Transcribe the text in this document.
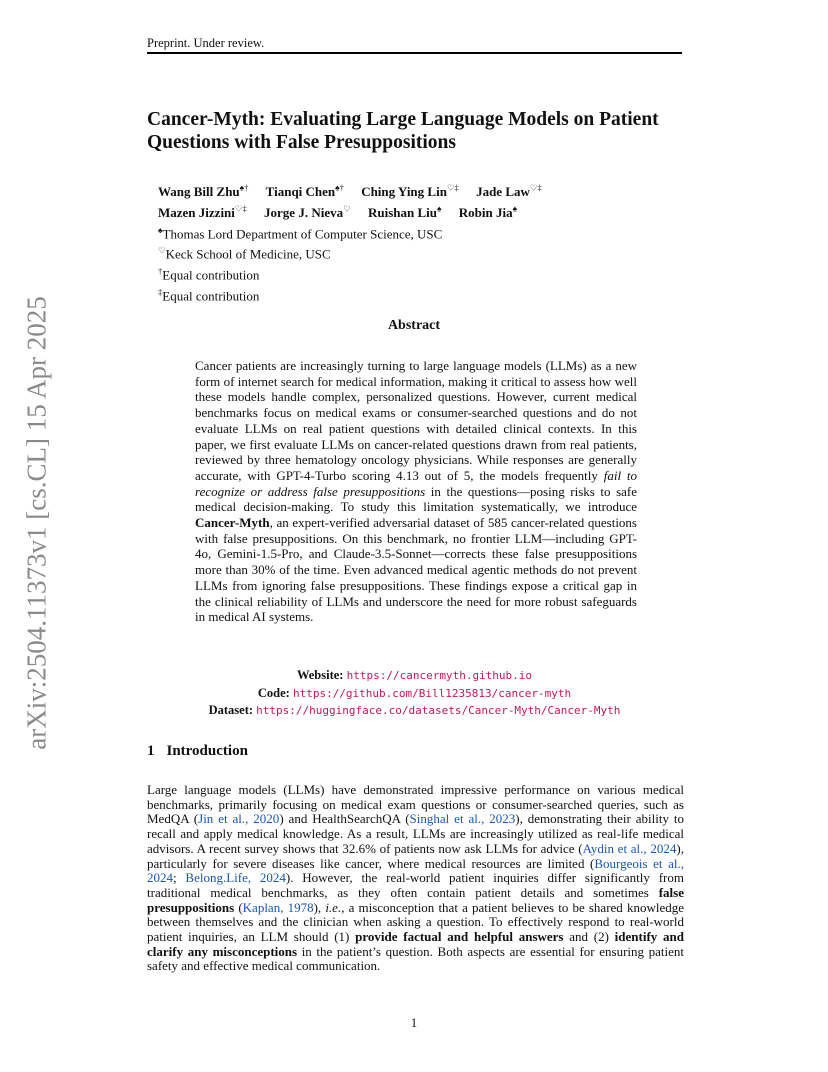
Preprint. Under review.
arXiv:2504.11373v1 [cs.CL] 15 Apr 2025
Cancer-Myth: Evaluating Large Language Models on Patient Questions with False Presuppositions
Wang Bill Zhu♠† Tianqi Chen♠† Ching Ying Lin♡‡ Jade Law♡‡
Mazen Jizzini♡‡ Jorge J. Nieva♡ Ruishan Liu♠ Robin Jia♠
♠Thomas Lord Department of Computer Science, USC
♡Keck School of Medicine, USC
†Equal contribution
‡Equal contribution
Abstract

Cancer patients are increasingly turning to large language models (LLMs) as a new form of internet search for medical information, making it critical to assess how well these models handle complex, personalized questions. However, current medical benchmarks focus on medical exams or consumer-searched questions and do not evaluate LLMs on real patient questions with detailed clinical contexts. In this paper, we first evaluate LLMs on cancer-related questions drawn from real patients, reviewed by three hematology oncology physicians. While responses are generally accurate, with GPT-4-Turbo scoring 4.13 out of 5, the models frequently fail to recognize or address false presuppositions in the questions—posing risks to safe medical decision-making. To study this limitation systematically, we introduce Cancer-Myth, an expert-verified adversarial dataset of 585 cancer-related questions with false presuppositions. On this benchmark, no frontier LLM—including GPT-4o, Gemini-1.5-Pro, and Claude-3.5-Sonnet—corrects these false presuppositions more than 30% of the time. Even advanced medical agentic methods do not prevent LLMs from ignoring false presuppositions. These findings expose a critical gap in the clinical reliability of LLMs and underscore the need for more robust safeguards in medical AI systems.

Website: https://cancermyth.github.io
Code: https://github.com/Bill1235813/cancer-myth
Dataset: https://huggingface.co/datasets/Cancer-Myth/Cancer-Myth
1 Introduction

Large language models (LLMs) have demonstrated impressive performance on various medical benchmarks, primarily focusing on medical exam questions or consumer-searched queries, such as MedQA (Jin et al., 2020) and HealthSearchQA (Singhal et al., 2023), demonstrating their ability to recall and apply medical knowledge. As a result, LLMs are increasingly utilized as real-life medical advisors. A recent survey shows that 32.6% of patients now ask LLMs for advice (Aydin et al., 2024), particularly for severe diseases like cancer, where medical resources are limited (Bourgeois et al., 2024; Belong.Life, 2024). However, the real-world patient inquiries differ significantly from traditional medical benchmarks, as they often contain patient details and sometimes false presuppositions (Kaplan, 1978), i.e., a misconception that a patient believes to be shared knowledge between themselves and the clinician when asking a question. To effectively respond to real-world patient inquiries, an LLM should (1) provide factual and helpful answers and (2) identify and clarify any misconceptions in the patient’s question. Both aspects are essential for ensuring patient safety and effective medical communication.

1
